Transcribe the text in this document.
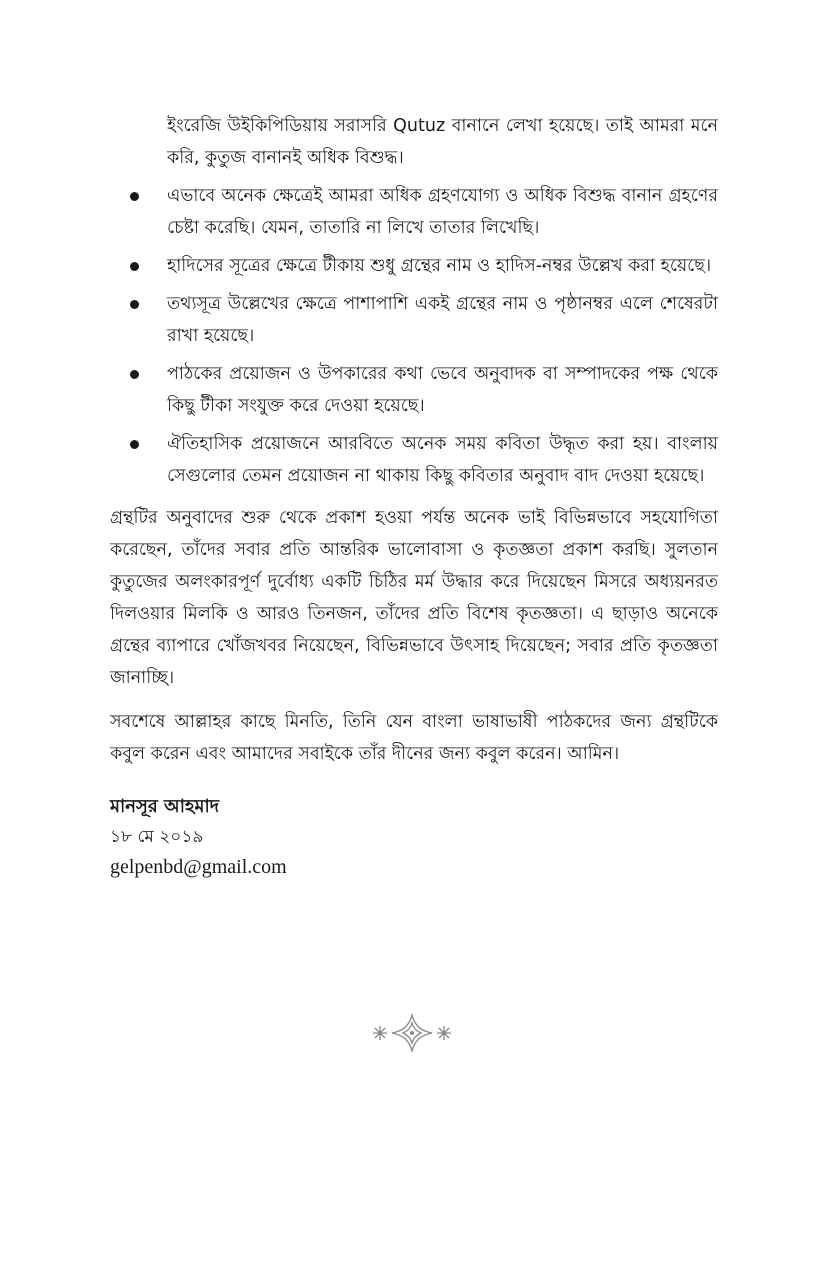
ইংরেজি উইকিপিডিয়ায় সরাসরি Qutuz বানানে লেখা হয়েছে। তাই আমরা মনে করি, কুতুজ বানানই অধিক বিশুদ্ধ।

এভাবে অনেক ক্ষেত্রেই আমরা অধিক গ্রহণযোগ্য ও অধিক বিশুদ্ধ বানান গ্রহণের চেষ্টা করেছি। যেমন, তাতারি না লিখে তাতার লিখেছি।
হাদিসের সূত্রের ক্ষেত্রে টীকায় শুধু গ্রন্থের নাম ও হাদিস-নম্বর উল্লেখ করা হয়েছে।
তথ্যসূত্র উল্লেখের ক্ষেত্রে পাশাপাশি একই গ্রন্থের নাম ও পৃষ্ঠানম্বর এলে শেষেরটা রাখা হয়েছে।
পাঠকের প্রয়োজন ও উপকারের কথা ভেবে অনুবাদক বা সম্পাদকের পক্ষ থেকে কিছু টীকা সংযুক্ত করে দেওয়া হয়েছে।
ঐতিহাসিক প্রয়োজনে আরবিতে অনেক সময় কবিতা উদ্ধৃত করা হয়। বাংলায় সেগুলোর তেমন প্রয়োজন না থাকায় কিছু কবিতার অনুবাদ বাদ দেওয়া হয়েছে।

গ্রন্থটির অনুবাদের শুরু থেকে প্রকাশ হওয়া পর্যন্ত অনেক ভাই বিভিন্নভাবে সহযোগিতা করেছেন, তাঁদের সবার প্রতি আন্তরিক ভালোবাসা ও কৃতজ্ঞতা প্রকাশ করছি। সুলতান কুতুজের অলংকারপূর্ণ দুর্বোধ্য একটি চিঠির মর্ম উদ্ধার করে দিয়েছেন মিসরে অধ্যয়নরত দিলওয়ার মিলকি ও আরও তিনজন, তাঁদের প্রতি বিশেষ কৃতজ্ঞতা। এ ছাড়াও অনেকে গ্রন্থের ব্যাপারে খোঁজখবর নিয়েছেন, বিভিন্নভাবে উৎসাহ দিয়েছেন; সবার প্রতি কৃতজ্ঞতা জানাচ্ছি।

সবশেষে আল্লাহর কাছে মিনতি, তিনি যেন বাংলা ভাষাভাষী পাঠকদের জন্য গ্রন্থটিকে কবুল করেন এবং আমাদের সবাইকে তাঁর দীনের জন্য কবুল করেন। আমিন।

মানসূর আহমাদ
১৮ মে ২০১৯
gelpenbd@gmail.com
